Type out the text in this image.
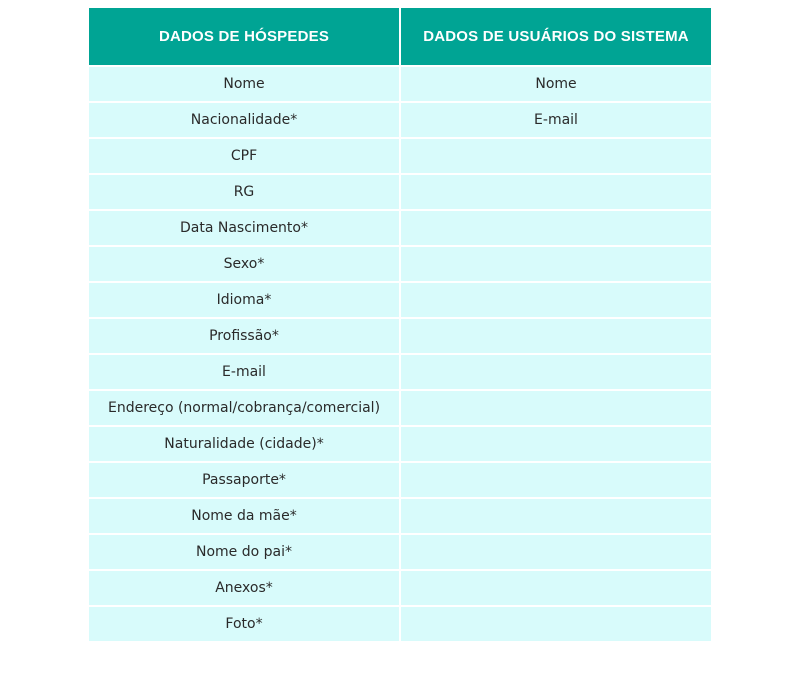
DADOS DE HÓSPEDES	DADOS DE USUÁRIOS DO SISTEMA
Nome	Nome
Nacionalidade*	E-mail
CPF	
RG	
Data Nascimento*	
Sexo*	
Idioma*	
Profissão*	
E-mail	
Endereço (normal/cobrança/comercial)	
Naturalidade (cidade)*	
Passaporte*	
Nome da mãe*	
Nome do pai*	
Anexos*	
Foto*	
